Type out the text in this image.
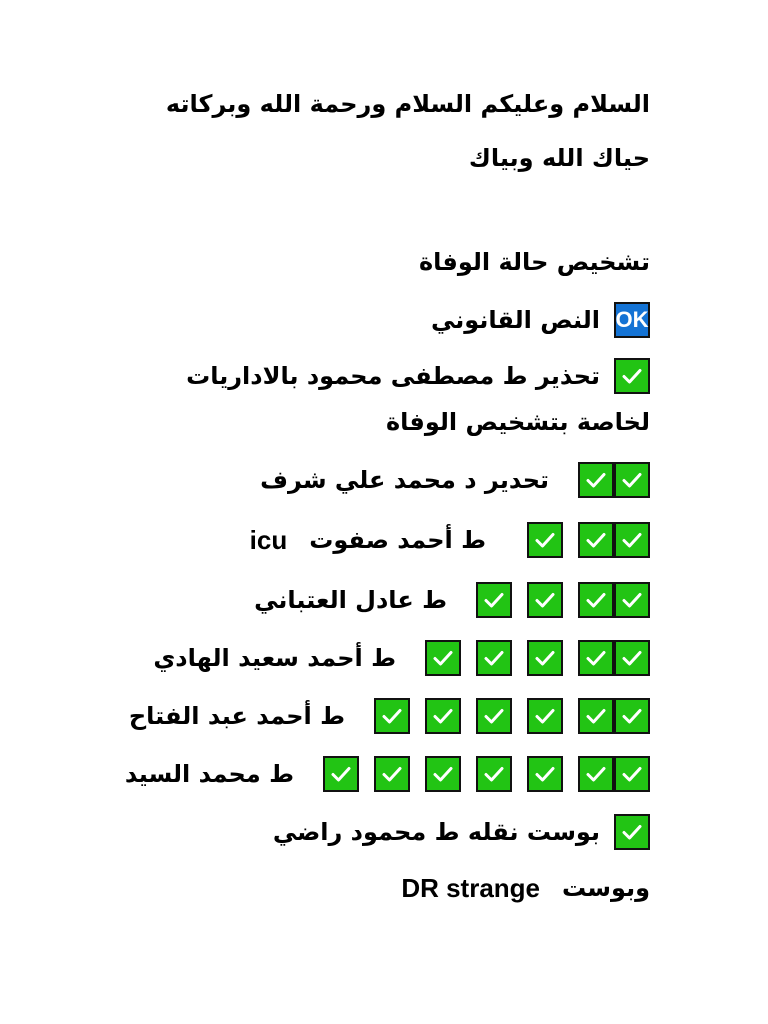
السلام وعليكم السلام ورحمة الله وبركاته
حياك الله وبياك
تشخيص حالة الوفاة
OK
النص القانوني
تحذير ط مصطفى محمود بالاداريات
لخاصة بتشخيص الوفاة
تحدير د محمد علي شرف
ط أحمد صفوت
icu
ط عادل العتباني
ط أحمد سعيد الهادي
ط أحمد عبد الفتاح
ط محمد السيد
بوست نقله ط محمود راضي
وبوست
DR strange
